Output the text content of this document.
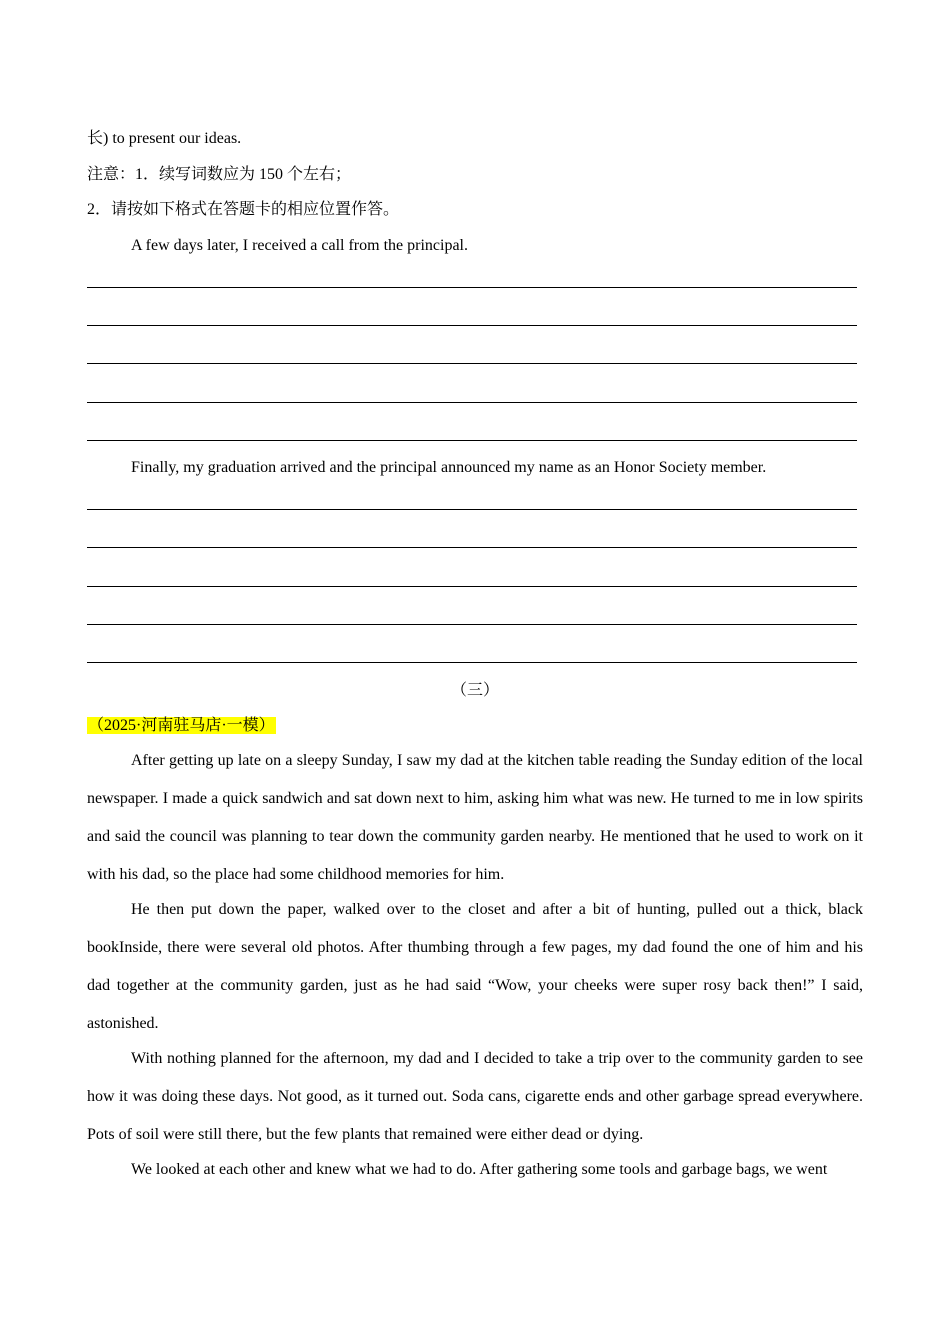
长) to present our ideas.
注意：1．续写词数应为 150 个左右；
2．请按如下格式在答题卡的相应位置作答。
A few days later, I received a call from the principal.
Finally, my graduation arrived and the principal announced my name as an Honor Society member.
（三）
（2025·河南驻马店·一模）

After getting up late on a sleepy Sunday, I saw my dad at the kitchen table reading the Sunday edition of the local newspaper. I made a quick sandwich and sat down next to him, asking him what was new. He turned to me in low spirits and said the council was planning to tear down the community garden nearby. He mentioned that he used to work on it with his dad, so the place had some childhood memories for him.

He then put down the paper, walked over to the closet and after a bit of hunting, pulled out a thick, black bookInside, there were several old photos. After thumbing through a few pages, my dad found the one of him and his dad together at the community garden, just as he had said “Wow, your cheeks were super rosy back then!” I said, astonished.

With nothing planned for the afternoon, my dad and I decided to take a trip over to the community garden to see how it was doing these days. Not good, as it turned out. Soda cans, cigarette ends and other garbage spread everywhere. Pots of soil were still there, but the few plants that remained were either dead or dying.

We looked at each other and knew what we had to do. After gathering some tools and garbage bags, we went
